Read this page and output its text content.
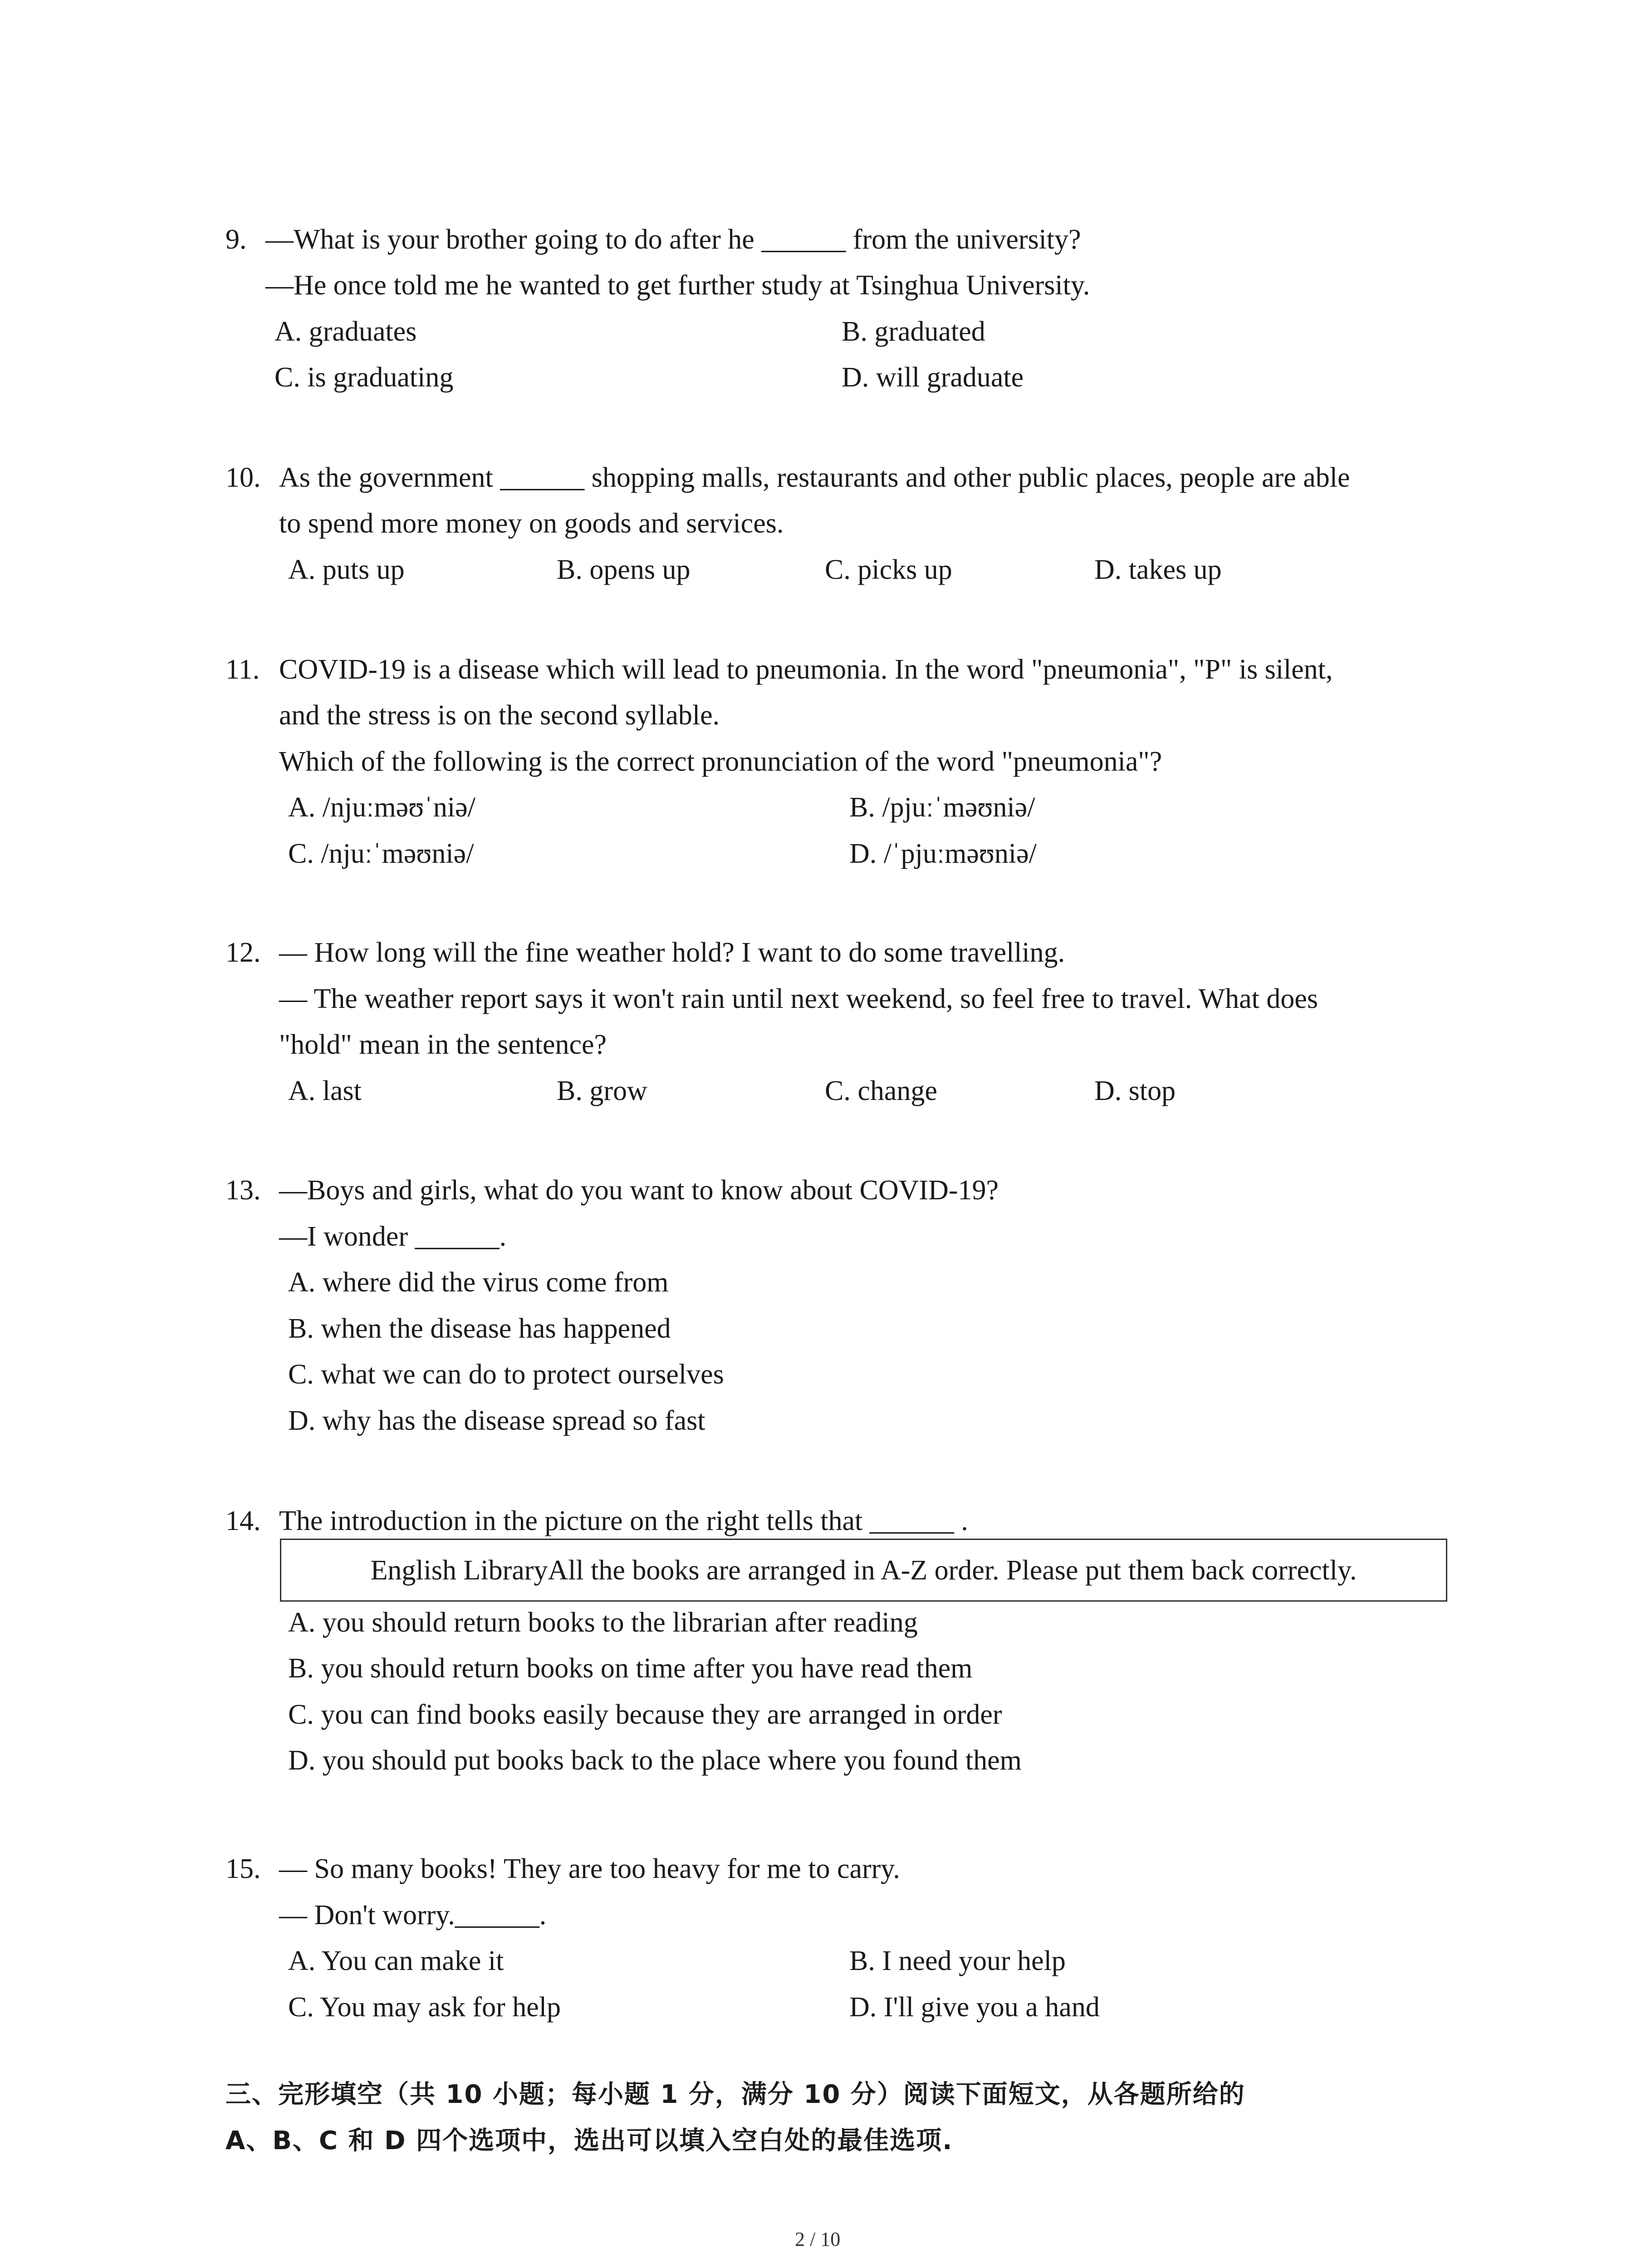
9. —What is your brother going to do after he ______ from the university?
—He once told me he wanted to get further study at Tsinghua University.
A. graduates	B. graduated
C. is graduating	D. will graduate
10. As the government ______ shopping malls, restaurants and other public places, people are able
to spend more money on goods and services.
A. puts up	B. opens up	C. picks up	D. takes up
11. COVID-19 is a disease which will lead to pneumonia. In the word "pneumonia", "P" is silent,
and the stress is on the second syllable.
Which of the following is the correct pronunciation of the word "pneumonia"?
A. /njuːməʊˈniə/	B. /pjuːˈməʊniə/
C. /njuːˈməʊniə/	D. /ˈpjuːməʊniə/
12. — How long will the fine weather hold? I want to do some travelling.
— The weather report says it won't rain until next weekend, so feel free to travel. What does
"hold" mean in the sentence?
A. last	B. grow	C. change	D. stop
13. —Boys and girls, what do you want to know about COVID-19?
—I wonder ______.
A. where did the virus come from
B. when the disease has happened
C. what we can do to protect ourselves
D. why has the disease spread so fast
14. The introduction in the picture on the right tells that ______ .
English LibraryAll the books are arranged in A-Z order. Please put them back correctly.
A. you should return books to the librarian after reading
B. you should return books on time after you have read them
C. you can find books easily because they are arranged in order
D. you should put books back to the place where you found them
15. — So many books! They are too heavy for me to carry.
— Don't worry.______.
A. You can make it	B. I need your help
C. You may ask for help	D. I'll give you a hand
三、完形填空（共 10 小题；每小题 1 分，满分 10 分）阅读下面短文，从各题所给的
A、B、C 和 D 四个选项中，选出可以填入空白处的最佳选项.
2 / 10
